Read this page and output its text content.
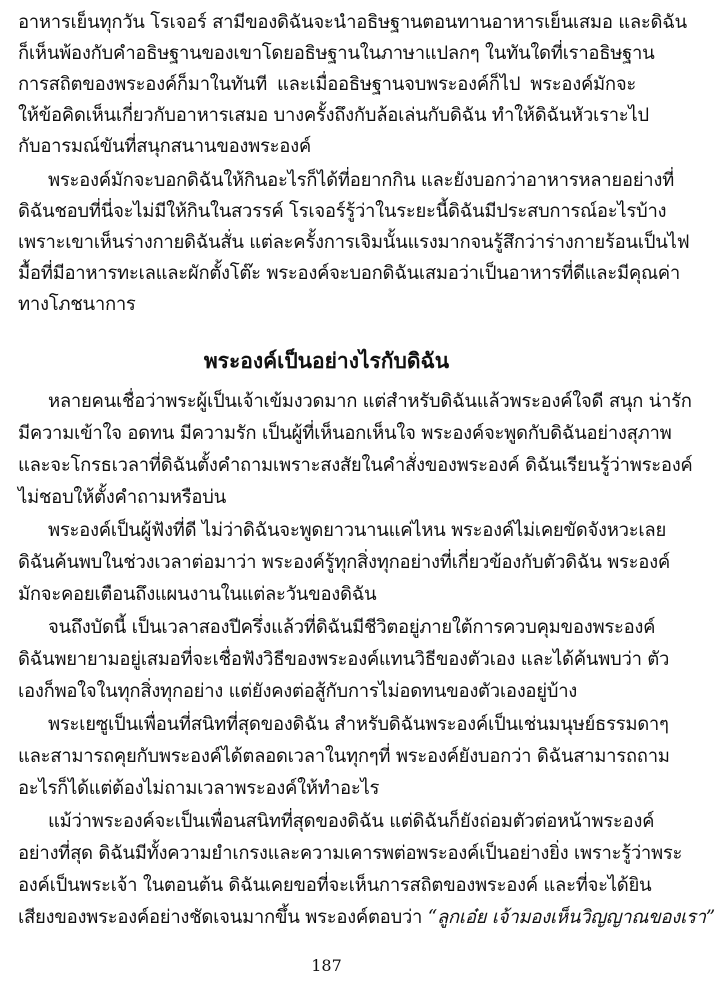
อาหารเย็นทุกวัน โรเจอร์ สามีของดิฉันจะนำอธิษฐานตอนทานอาหารเย็นเสมอ และดิฉัน
ก็เห็นพ้องกับคำอธิษฐานของเขาโดยอธิษฐานในภาษาแปลกๆ ในทันใดที่เราอธิษฐาน
การสถิตของพระองค์ก็มาในทันที และเมื่ออธิษฐานจบพระองค์ก็ไป พระองค์มักจะ
ให้ข้อคิดเห็นเกี่ยวกับอาหารเสมอ บางครั้งถึงกับล้อเล่นกับดิฉัน ทำให้ดิฉันหัวเราะไป
กับอารมณ์ขันที่สนุกสนานของพระองค์
พระองค์มักจะบอกดิฉันให้กินอะไรก็ได้ที่อยากกิน และยังบอกว่าอาหารหลายอย่างที่
ดิฉันชอบที่นี่จะไม่มีให้กินในสวรรค์ โรเจอร์รู้ว่าในระยะนี้ดิฉันมีประสบการณ์อะไรบ้าง
เพราะเขาเห็นร่างกายดิฉันสั่น แต่ละครั้งการเจิมนั้นแรงมากจนรู้สึกว่าร่างกายร้อนเป็นไฟ
มื้อที่มีอาหารทะเลและผักตั้งโต๊ะ พระองค์จะบอกดิฉันเสมอว่าเป็นอาหารที่ดีและมีคุณค่า
ทางโภชนาการ
พระองค์เป็นอย่างไรกับดิฉัน
หลายคนเชื่อว่าพระผู้เป็นเจ้าเข้มงวดมาก แต่สำหรับดิฉันแล้วพระองค์ใจดี สนุก น่ารัก
มีความเข้าใจ อดทน มีความรัก เป็นผู้ที่เห็นอกเห็นใจ พระองค์จะพูดกับดิฉันอย่างสุภาพ
และจะโกรธเวลาที่ดิฉันตั้งคำถามเพราะสงสัยในคำสั่งของพระองค์ ดิฉันเรียนรู้ว่าพระองค์
ไม่ชอบให้ตั้งคำถามหรือบ่น
พระองค์เป็นผู้ฟังที่ดี ไม่ว่าดิฉันจะพูดยาวนานแค่ไหน พระองค์ไม่เคยขัดจังหวะเลย
ดิฉันค้นพบในช่วงเวลาต่อมาว่า พระองค์รู้ทุกสิ่งทุกอย่างที่เกี่ยวข้องกับตัวดิฉัน พระองค์
มักจะคอยเตือนถึงแผนงานในแต่ละวันของดิฉัน
จนถึงบัดนี้ เป็นเวลาสองปีครึ่งแล้วที่ดิฉันมีชีวิตอยู่ภายใต้การควบคุมของพระองค์
ดิฉันพยายามอยู่เสมอที่จะเชื่อฟังวิธีของพระองค์แทนวิธีของตัวเอง และได้ค้นพบว่า ตัว
เองก็พอใจในทุกสิ่งทุกอย่าง แต่ยังคงต่อสู้กับการไม่อดทนของตัวเองอยู่บ้าง
พระเยซูเป็นเพื่อนที่สนิทที่สุดของดิฉัน สำหรับดิฉันพระองค์เป็นเช่นมนุษย์ธรรมดาๆ
และสามารถคุยกับพระองค์ได้ตลอดเวลาในทุกๆที่ พระองค์ยังบอกว่า ดิฉันสามารถถาม
อะไรก็ได้แต่ต้องไม่ถามเวลาพระองค์ให้ทำอะไร
แม้ว่าพระองค์จะเป็นเพื่อนสนิทที่สุดของดิฉัน แต่ดิฉันก็ยังถ่อมตัวต่อหน้าพระองค์
อย่างที่สุด ดิฉันมีทั้งความยำเกรงและความเคารพต่อพระองค์เป็นอย่างยิ่ง เพราะรู้ว่าพระ
องค์เป็นพระเจ้า ในตอนต้น ดิฉันเคยขอที่จะเห็นการสถิตของพระองค์ และที่จะได้ยิน
เสียงของพระองค์อย่างชัดเจนมากขึ้น พระองค์ตอบว่า “ลูกเอ๋ย เจ้ามองเห็นวิญญาณของเรา”
187
